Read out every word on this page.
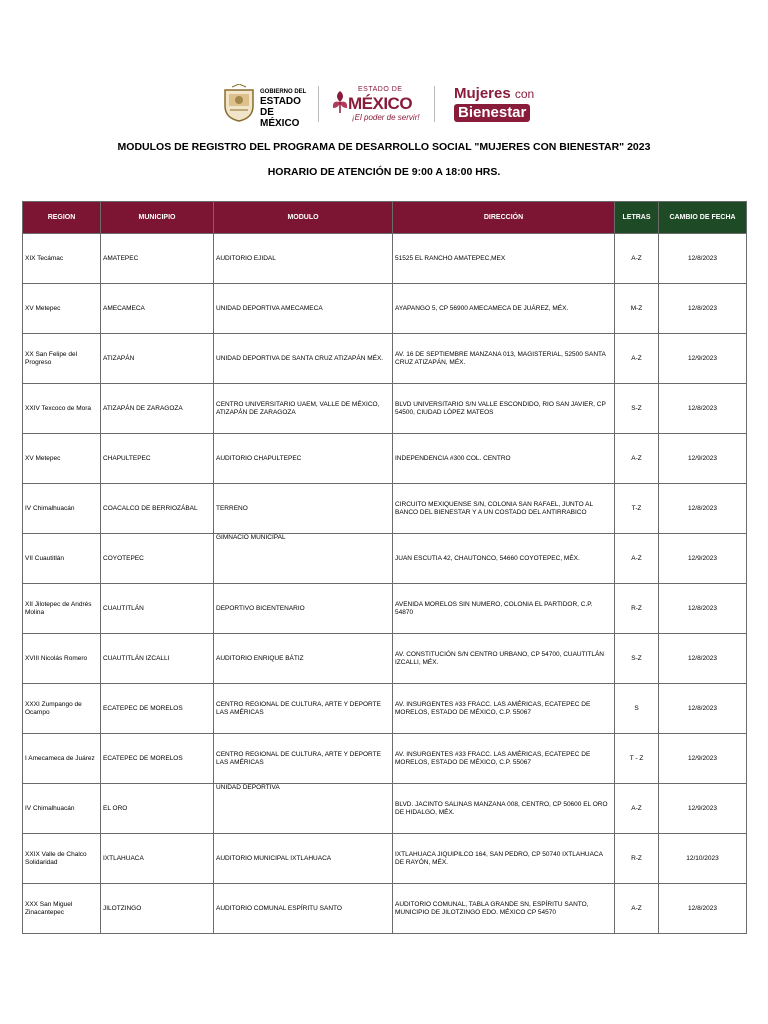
GOBIERNO DEL
ESTADO DE
MÉXICO
ESTADO DE
MÉXICO
¡El poder de servir!
Mujeres con
Bienestar
MODULOS DE REGISTRO DEL PROGRAMA DE DESARROLLO SOCIAL "MUJERES CON BIENESTAR" 2023
HORARIO DE ATENCIÓN DE 9:00 A 18:00 HRS.
REGION	MUNICIPIO	MODULO	DIRECCIÓN	LETRAS	CAMBIO DE FECHA
XIX Tecámac	AMATEPEC	AUDITORIO EJIDAL	51525 EL RANCHO AMATEPEC,MEX	A-Z	12/8/2023
XV Metepec	AMECAMECA	UNIDAD DEPORTIVA AMECAMECA	AYAPANGO 5, CP 56900 AMECAMECA DE JUÁREZ, MÉX.	M-Z	12/8/2023
XX San Felipe del Progreso	ATIZAPÁN	UNIDAD DEPORTIVA DE SANTA CRUZ ATIZAPÁN MÉX.	AV. 16 DE SEPTIEMBRE MANZANA 013, MAGISTERIAL, 52500 SANTA CRUZ ATIZAPÁN, MÉX.	A-Z	12/9/2023
XXIV Texcoco de Mora	ATIZAPÁN DE ZARAGOZA	CENTRO UNIVERSITARIO UAEM, VALLE DE MÉXICO, ATIZAPÁN DE ZARAGOZA	BLVD UNIVERSITARIO S/N VALLE ESCONDIDO, RIO SAN JAVIER, CP 54500, CIUDAD LÓPEZ MATEOS	S-Z	12/8/2023
XV Metepec	CHAPULTEPEC	AUDITORIO CHAPULTEPEC	INDEPENDENCIA #300 COL. CENTRO	A-Z	12/9/2023
IV Chimalhuacán	COACALCO DE BERRIOZÁBAL	TERRENO	CIRCUITO MEXIQUENSE S/N, COLONIA SAN RAFAEL, JUNTO AL BANCO DEL BIENESTAR Y A UN COSTADO DEL ANTIRRABICO	T-Z	12/8/2023
VII Cuautitlán	COYOTEPEC	GIMNACIO MUNICIPAL	JUAN ESCUTIA 42, CHAUTONCO, 54660 COYOTEPEC, MÉX.	A-Z	12/9/2023
XII Jilotepec de Andrés Molina	CUAUTITLÁN	DEPORTIVO BICENTENARIO	AVENIDA MORELOS SIN NUMERO, COLONIA EL PARTIDOR, C.P. 54870	R-Z	12/8/2023
XVIII Nicolás Romero	CUAUTITLÁN IZCALLI	AUDITORIO ENRIQUE BÁTIZ	AV. CONSTITUCIÓN S/N CENTRO URBANO, CP 54700, CUAUTITLÁN IZCALLI, MÉX.	S-Z	12/8/2023
XXXI Zumpango de Ocampo	ECATEPEC DE MORELOS	CENTRO REGIONAL DE CULTURA, ARTE Y DEPORTE LAS AMÉRICAS	AV. INSURGENTES #33 FRACC. LAS AMÉRICAS, ECATEPEC DE MORELOS, ESTADO DE MÉXICO, C.P. 55067	S	12/8/2023
I Amecameca de Juárez	ECATEPEC DE MORELOS	CENTRO REGIONAL DE CULTURA, ARTE Y DEPORTE LAS AMÉRICAS	AV. INSURGENTES #33 FRACC. LAS AMÉRICAS, ECATEPEC DE MORELOS, ESTADO DE MÉXICO, C.P. 55067	T - Z	12/9/2023
IV Chimalhuacán	EL ORO	UNIDAD DEPORTIVA	BLVD. JACINTO SALINAS MANZANA 008, CENTRO, CP 50600 EL ORO DE HIDALGO, MÉX.	A-Z	12/9/2023
XXIX Valle de Chalco Solidaridad	IXTLAHUACA	AUDITORIO MUNICIPAL IXTLAHUACA	IXTLAHUACA JIQUIPILCO 164, SAN PEDRO, CP 50740 IXTLAHUACA DE RAYÓN, MÉX.	R-Z	12/10/2023
XXX San Miguel Zinacantepec	JILOTZINGO	AUDITORIO COMUNAL ESPÍRITU SANTO	AUDITORIO COMUNAL, TABLA GRANDE SN, ESPÍRITU SANTO, MUNICIPIO DE JILOTZINGO EDO. MÉXICO CP 54570	A-Z	12/8/2023
